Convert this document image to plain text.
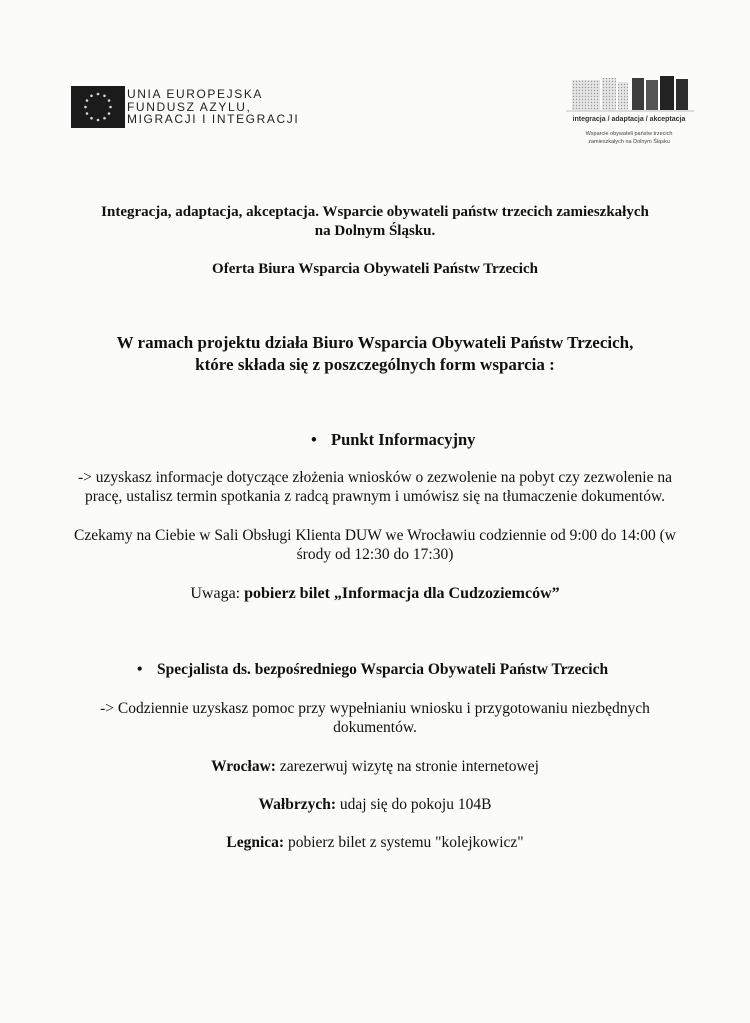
UNIA EUROPEJSKA
FUNDUSZ AZYLU,
MIGRACJI I INTEGRACJI	integracja / adaptacja / akceptacja
Wsparcie obywateli państw trzecich
zamieszkałych na Dolnym Śląsku
Integracja, adaptacja, akceptacja. Wsparcie obywateli państw trzecich zamieszkałych
na Dolnym Śląsku.
Oferta Biura Wsparcia Obywateli Państw Trzecich
W ramach projektu działa Biuro Wsparcia Obywateli Państw Trzecich,
które składa się z poszczególnych form wsparcia :
• Punkt Informacyjny
-> uzyskasz informacje dotyczące złożenia wniosków o zezwolenie na pobyt czy zezwolenie na
pracę, ustalisz termin spotkania z radcą prawnym i umówisz się na tłumaczenie dokumentów.
Czekamy na Ciebie w Sali Obsługi Klienta DUW we Wrocławiu codziennie od 9:00 do 14:00 (w
środy od 12:30 do 17:30)
Uwaga: pobierz bilet „Informacja dla Cudzoziemców”
• Specjalista ds. bezpośredniego Wsparcia Obywateli Państw Trzecich
-> Codziennie uzyskasz pomoc przy wypełnianiu wniosku i przygotowaniu niezbędnych
dokumentów.
Wrocław: zarezerwuj wizytę na stronie internetowej
Wałbrzych: udaj się do pokoju 104B
Legnica: pobierz bilet z systemu "kolejkowicz"
